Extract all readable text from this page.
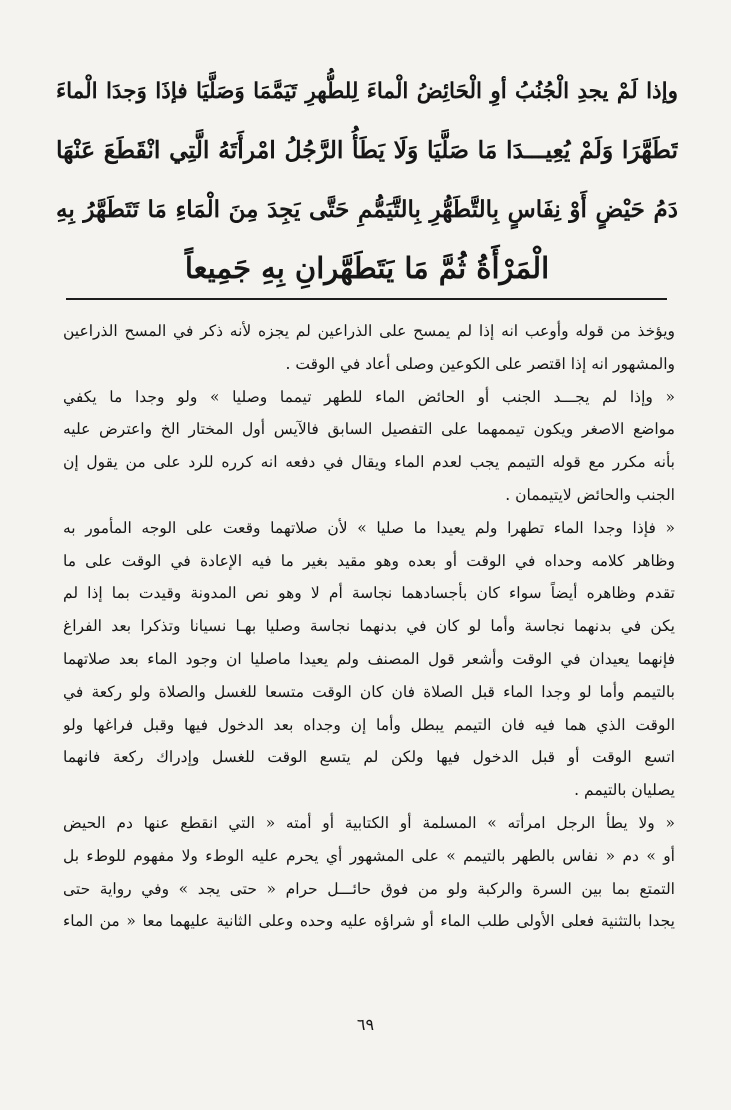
وإذا لَمْ يجدِ الْجُنُبُ أوِ الْحَائِضُ الْماءَ لِلطُّهرِ تَيَمَّمَا وَصَلَّيَا فإذَا وَجدَا الْماءَ
تَطَهَّرَا وَلَمْ يُعِيـــدَا مَا صَلَّيَا وَلَا يَطَأُ الرَّجُلُ امْرأَتَهُ الَّتِي انْقَطَعَ عَنْهَا
دَمُ حَيْضٍ أَوْ نِفَاسٍ بِالتَّطَهُّرِ بِالتَّيَمُّمِ حَتَّى يَجِدَ مِنَ الْمَاءِ مَا تَتَطَهَّرُ بِهِ
الْمَرْأَةُ ثُمَّ مَا يَتَطَهَّرانِ بِهِ جَمِيعاً
ويؤخذ من قوله وأوعب انه إذا لم يمسح على الذراعين لم يجزه لأنه ذكر في المسح الذراعين
والمشهور انه إذا اقتصر على الكوعين وصلى أعاد في الوقت .
« وإذا لم يجـــد الجنب أو الحائض الماء للطهر تيمما وصليا » ولو وجدا ما يكفي
مواضع الاصغر ويكون تيممهما على التفصيل السابق فالآيس أول المختار الخ واعترض عليه
بأنه مكرر مع قوله التيمم يجب لعدم الماء ويقال في دفعه انه كرره للرد على من يقول إن
الجنب والحائض لايتيممان .
« فإذا وجدا الماء تطهرا ولم يعيدا ما صليا » لأن صلاتهما وقعت على الوجه المأمور به
وظاهر كلامه وحداه في الوقت أو بعده وهو مقيد بغير ما فيه الإعادة في الوقت على ما
تقدم وظاهره أيضاً سواء كان بأجسادهما نجاسة أم لا وهو نص المدونة وقيدت بما إذا لم
يكن في بدنهما نجاسة وأما لو كان في بدنهما نجاسة وصليا بهـا نسيانا وتذكرا بعد الفراغ
فإنهما يعيدان في الوقت وأشعر قول المصنف ولم يعيدا ماصليا ان وجود الماء بعد صلاتهما
بالتيمم وأما لو وجدا الماء قبل الصلاة فان كان الوقت متسعا للغسل والصلاة ولو ركعة في
الوقت الذي هما فيه فان التيمم يبطل وأما إن وجداه بعد الدخول فيها وقبل فراغها ولو
اتسع الوقت أو قبل الدخول فيها ولكن لم يتسع الوقت للغسل وإدراك ركعة فانهما
يصليان بالتيمم .
« ولا يطأ الرجل امرأته » المسلمة أو الكتابية أو أمته « التي انقطع عنها دم الحيض
أو » دم « نفاس بالطهر بالتيمم » على المشهور أي يحرم عليه الوطء ولا مفهوم للوطء بل
التمتع بما بين السرة والركبة ولو من فوق حائـــل حرام « حتى يجد » وفي رواية حتى
يجدا بالتثنية فعلى الأولى طلب الماء أو شراؤه عليه وحده وعلى الثانية عليهما معا « من الماء
٦٩
